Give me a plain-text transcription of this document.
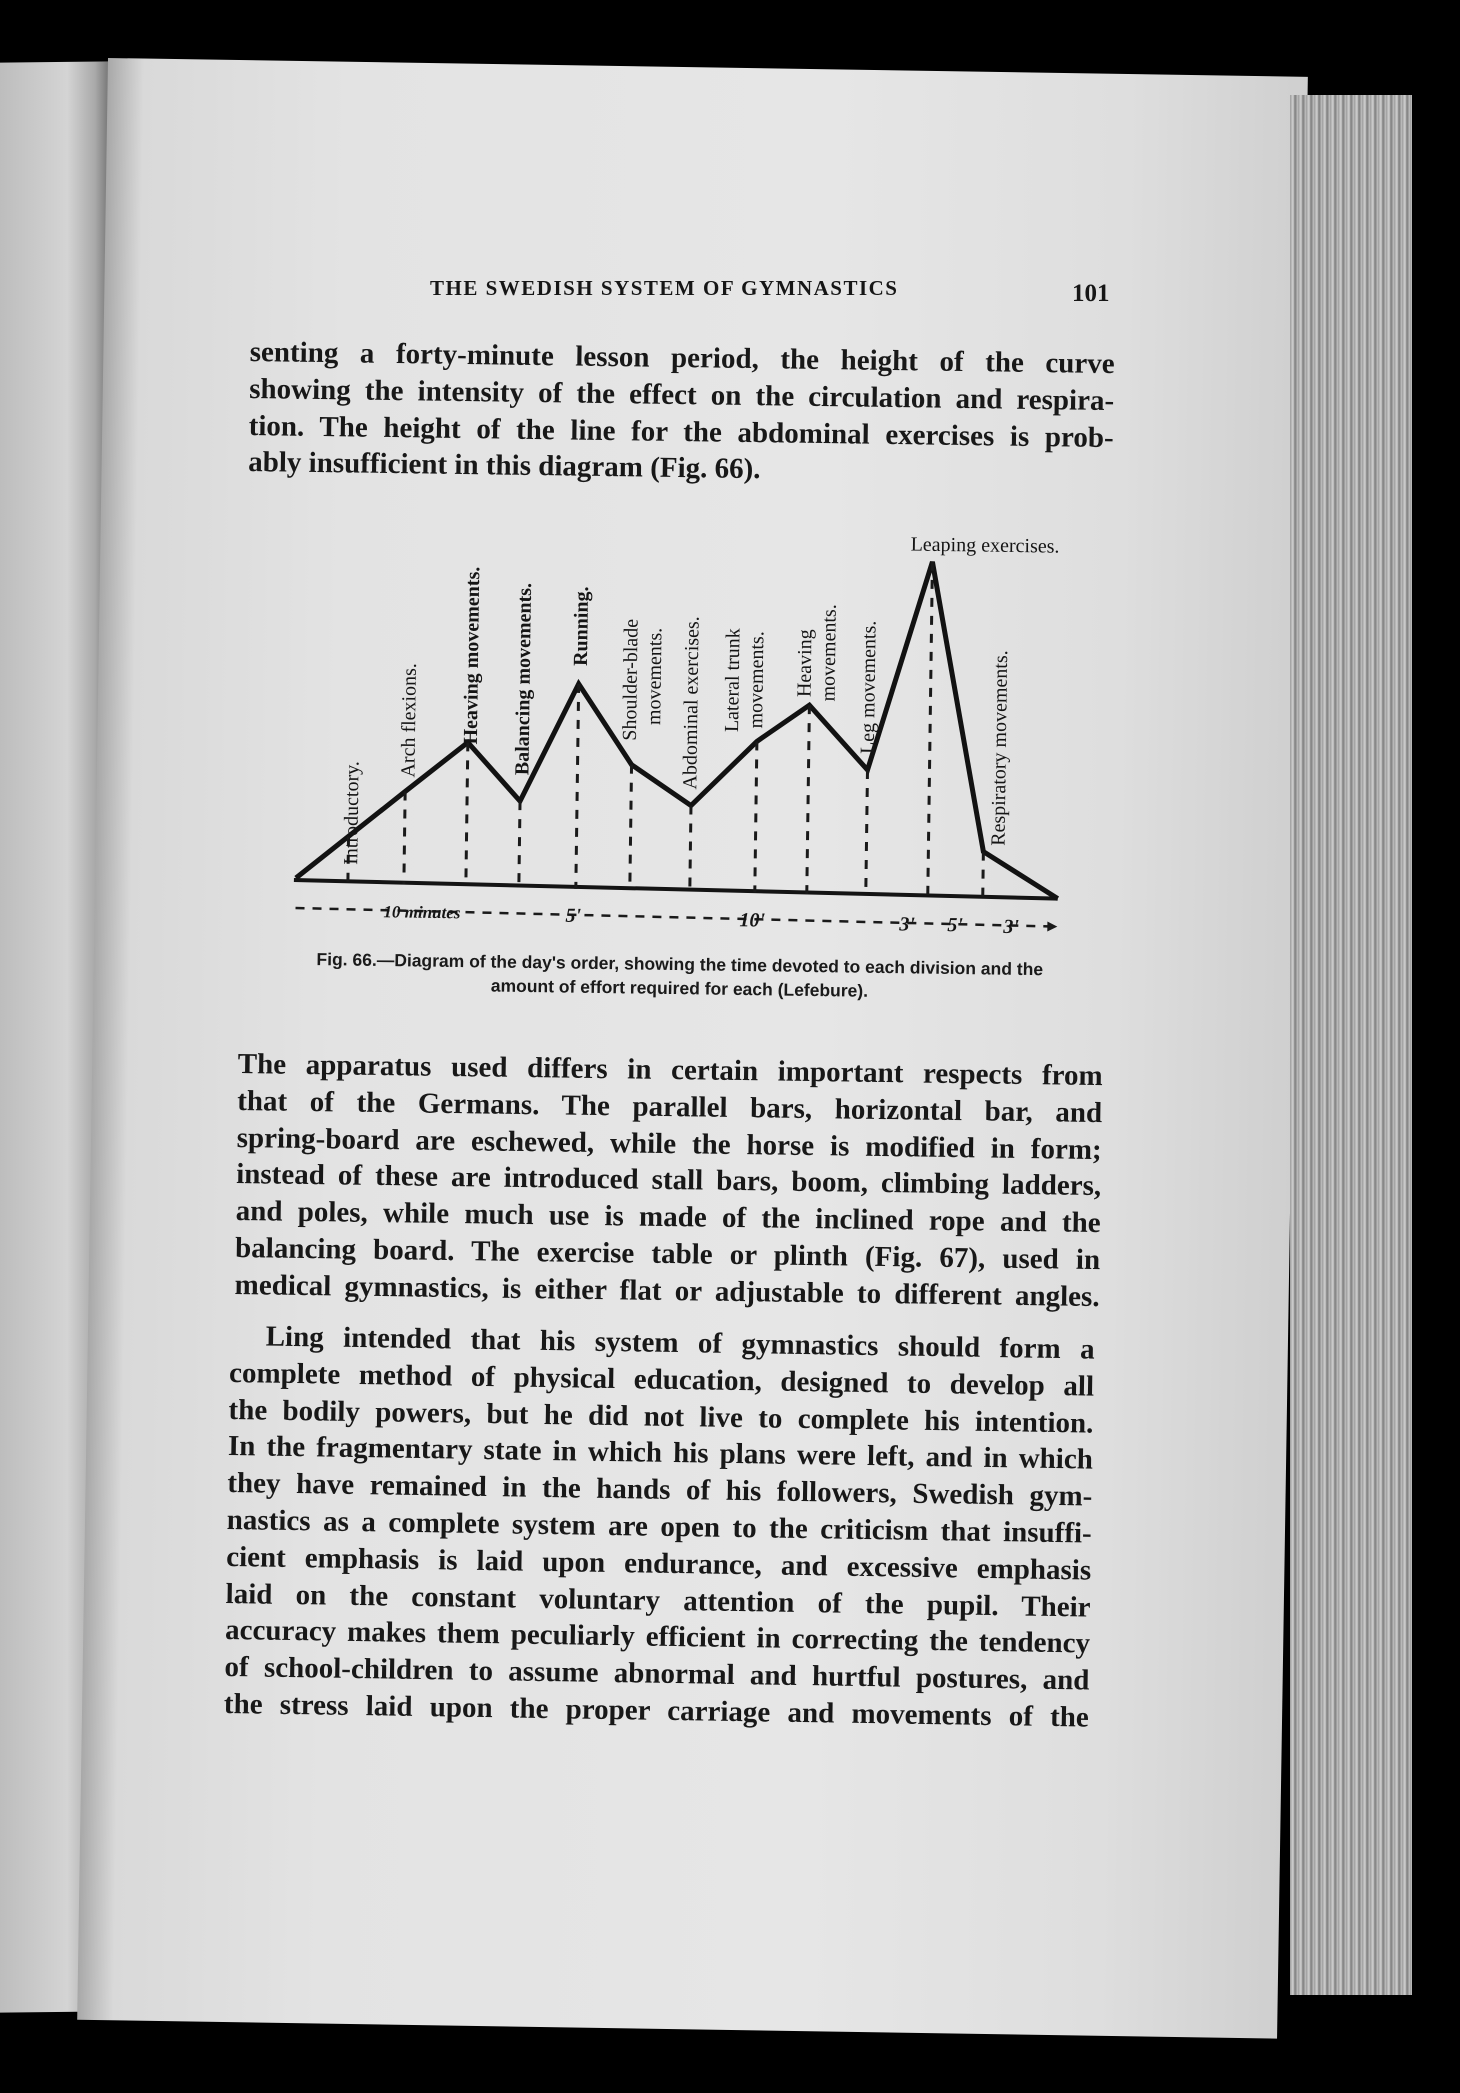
THE SWEDISH SYSTEM OF GYMNASTICS	101

senting a forty-minute lesson period, the height of the curve
showing the intensity of the effect on the circulation and respira-
tion. The height of the line for the abdominal exercises is prob-
ably insufficient in this diagram (Fig. 66).

10 minutes	5'	10'	3' 5' 3'
Introductory.
Arch flexions. Heaving movements. Balancing movements. Running. Shoulder-blade movements. Abdominal exercises. Lateral trunk movements. Heaving movements. Leg movements.	Respiratory movements.
Leaping exercises.
Fig. 66.—Diagram of the day's order, showing the time devoted to each division and the
amount of effort required for each (Lefebure).

The apparatus used differs in certain important respects from
that of the Germans. The parallel bars, horizontal bar, and
spring-board are eschewed, while the horse is modified in form;
instead of these are introduced stall bars, boom, climbing ladders,
and poles, while much use is made of the inclined rope and the
balancing board. The exercise table or plinth (Fig. 67), used in
medical gymnastics, is either flat or adjustable to different angles.

Ling intended that his system of gymnastics should form a
complete method of physical education, designed to develop all
the bodily powers, but he did not live to complete his intention.
In the fragmentary state in which his plans were left, and in which
they have remained in the hands of his followers, Swedish gym-
nastics as a complete system are open to the criticism that insuffi-
cient emphasis is laid upon endurance, and excessive emphasis
laid on the constant voluntary attention of the pupil. Their
accuracy makes them peculiarly efficient in correcting the tendency
of school-children to assume abnormal and hurtful postures, and
the stress laid upon the proper carriage and movements of the
